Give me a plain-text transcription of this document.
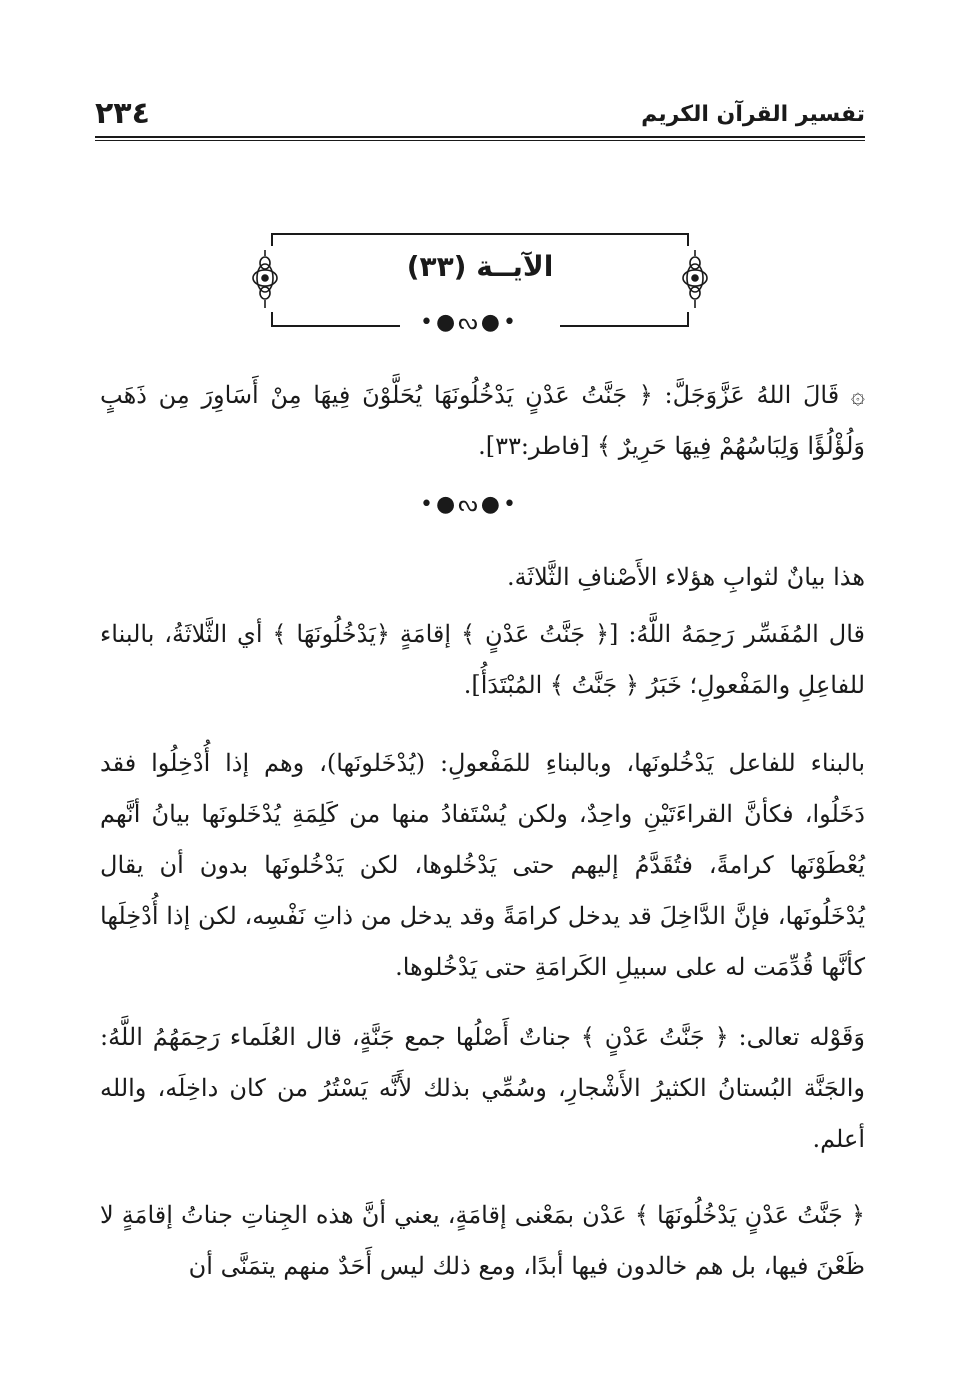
٢٣٤	تفسير القرآن الكريم
الآيــة (٣٣)
•●ᔓ●•
۞ قَالَ اللهُ عَزَّوَجَلَّ: ﴿ جَنَّتُ عَدْنٍ يَدْخُلُونَهَا يُحَلَّوْنَ فِيهَا مِنْ أَسَاوِرَ مِن ذَهَبٍ وَلُؤْلُؤًا وَلِبَاسُهُمْ فِيهَا حَرِيرٌ ﴾ [فاطر:٣٣].
•●ᔓ●•
هذا بيانٌ لثوابِ هؤلاء الأَصْنافِ الثَّلاثَة.
قال المُفَسِّر رَحِمَهُ اللَّهُ: [﴿ جَنَّتُ عَدْنٍ ﴾ إقامَةٍ ﴿يَدْخُلُونَهَا ﴾ أي الثَّلاثَةُ، بالبناء للفاعِلِ والمَفْعولِ؛ خَبَرُ ﴿ جَنَّتُ ﴾ المُبْتَدَأُ].
بالبناء للفاعل يَدْخُلونَها، وبالبناءِ للمَفْعولِ: (يُدْخَلونَها)، وهم إذا أُدْخِلُوا فقد دَخَلُوا، فكأنَّ القراءَتَيْنِ واحِدٌ، ولكن يُسْتَفادُ منها من كَلِمَةِ يُدْخَلونَها بيانُ أنَّهم يُعْطَوْنَها كرامةً، فتُقَدَّمُ إليهم حتى يَدْخُلوها، لكن يَدْخُلونَها بدون أن يقال يُدْخَلُونَها، فإنَّ الدَّاخِلَ قد يدخل كرامَةً وقد يدخل من ذاتِ نَفْسِه، لكن إذا أُدْخِلَها كأنَّها قُدِّمَت له على سبيلِ الكَرامَةِ حتى يَدْخُلوها.
وَقَوْله تعالى: ﴿ جَنَّتُ عَدْنٍ ﴾ جناتٌ أَصْلُها جمع جَنَّةٍ، قال العُلَماء رَحِمَهُمُ اللَّهُ: والجَنَّة البُستانُ الكثيرُ الأَشْجارِ، وسُمِّي بذلك لأَنَّه يَسْتُرُ من كان داخِلَه، والله أعلم.
﴿ جَنَّتُ عَدْنٍ يَدْخُلُونَهَا ﴾ عَدْن بمَعْنى إقامَةٍ، يعني أنَّ هذه الجِناتِ جناتُ إقامَةٍ لا ظَعْنَ فيها، بل هم خالدون فيها أبدًا، ومع ذلك ليس أَحَدٌ منهم يتمَنَّى أن
